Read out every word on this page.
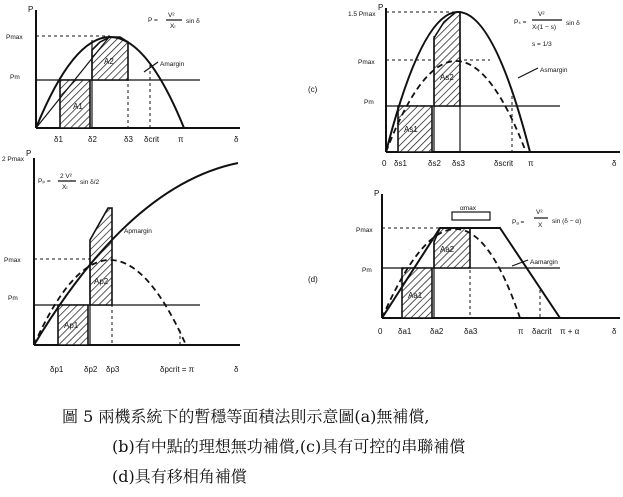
P
Pmax
Pm
A1
A2	Amargin
P =
V²
Xₗ
sin δ
δ1	δ2	δ3 δcrit π	δ
P
2 Pmax
Pmax
Pm
Ap1
Ap2
Apmargin
Pₚ =
2 V²
Xₗ
sin δ/2
δp1	δp2 δp3	δpcrit = π	δ
(c)
P
1.5 Pmax
Pmax
Pm
As1
As2
Asmargin
Pₛ =
V²
Xₗ(1 − s)
sin δ
s = 1/3
0 δs1	δs2 δs3	δscrit π	δ
(d)
P
Pmax
Pm
αmax
Aa1
Aa2
Aamargin
Pₐ =
V²
X
sin (δ − α)
0 δa1 δa2	δa3	π δacrit π + α	δ
圖 5 兩機系統下的暫穩等面積法則示意圖(a)無補償,
(b)有中點的理想無功補償,(c)具有可控的串聯補償
(d)具有移相角補償
